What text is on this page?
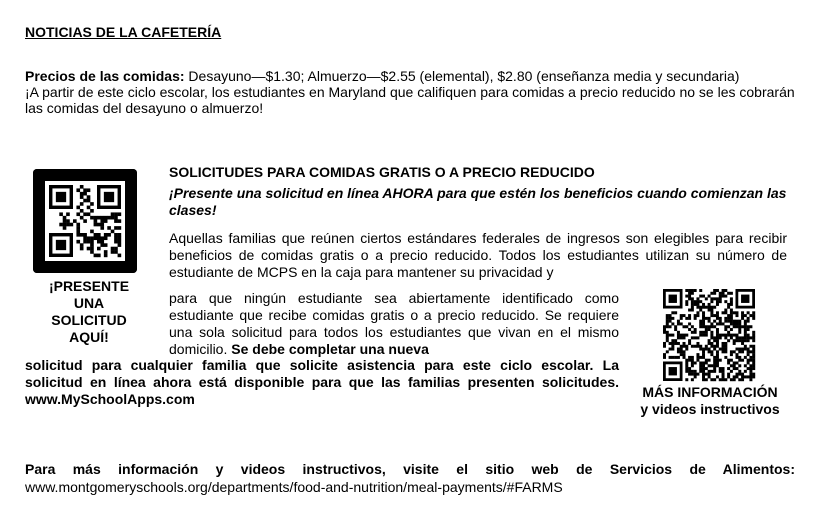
NOTICIAS DE LA CAFETERÍA
Precios de las comidas: Desayuno—$1.30; Almuerzo—$2.55 (elemental), $2.80 (enseñanza media y secundaria)
¡A partir de este ciclo escolar, los estudiantes en Maryland que califiquen para comidas a precio reducido no se les cobrarán las comidas del desayuno o almuerzo!
¡PRESENTE UNA SOLICITUD AQUÍ!
MÁS INFORMACIÓN y videos instructivos
SOLICITUDES PARA COMIDAS GRATIS O A PRECIO REDUCIDO
¡Presente una solicitud en línea AHORA para que estén los beneficios cuando comienzan las clases!
Aquellas familias que reúnen ciertos estándares federales de ingresos son elegibles para recibir beneficios de comidas gratis o a precio reducido. Todos los estudiantes utilizan su número de estudiante de MCPS en la caja para mantener su privacidad y
para que ningún estudiante sea abiertamente identificado como estudiante que recibe comidas gratis o a precio reducido. Se requiere una sola solicitud para todos los estudiantes que vivan en el mismo domicilio. Se debe completar una nueva
solicitud para cualquier familia que solicite asistencia para este ciclo escolar. La solicitud en línea ahora está disponible para que las familias presenten solicitudes. www.MySchoolApps.com
Para más información y videos instructivos, visite el sitio web de Servicios de Alimentos:
www.montgomeryschools.org/departments/food-and-nutrition/meal-payments/#FARMS
